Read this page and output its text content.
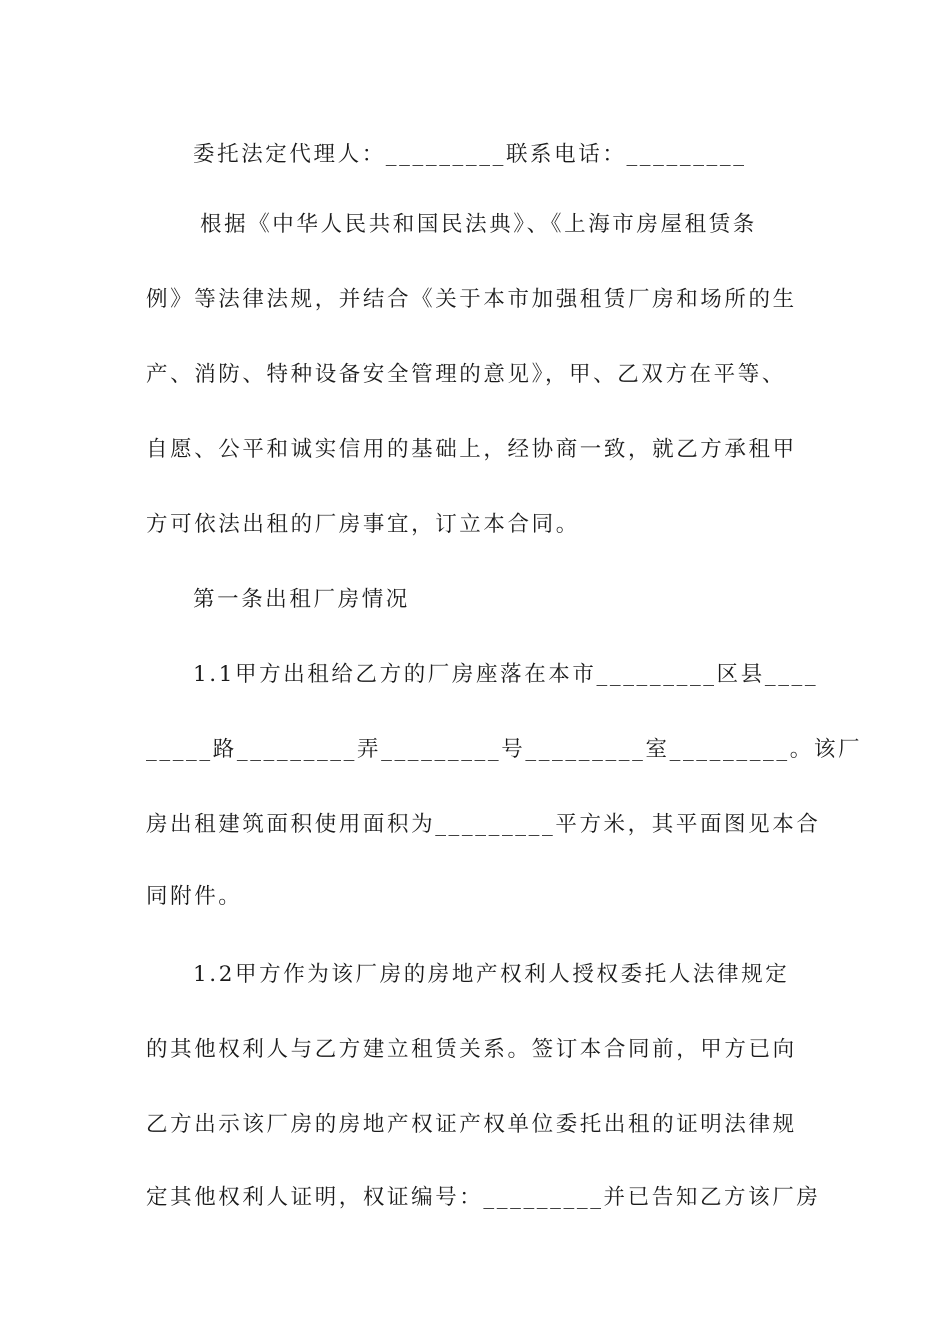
委托法定代理人：_________联系电话：_________
根据《中华人民共和国民法典》、《上海市房屋租赁条
例》等法律法规，并结合《关于本市加强租赁厂房和场所的生
产、消防、特种设备安全管理的意见》，甲、乙双方在平等、
自愿、公平和诚实信用的基础上，经协商一致，就乙方承租甲
方可依法出租的厂房事宜，订立本合同。
第一条出租厂房情况
1.1甲方出租给乙方的厂房座落在本市_________区县____
_____路_________弄_________号_________室_________。该厂
房出租建筑面积使用面积为_________平方米，其平面图见本合
同附件。
1.2甲方作为该厂房的房地产权利人授权委托人法律规定
的其他权利人与乙方建立租赁关系。签订本合同前，甲方已向
乙方出示该厂房的房地产权证产权单位委托出租的证明法律规
定其他权利人证明，权证编号：_________并已告知乙方该厂房
